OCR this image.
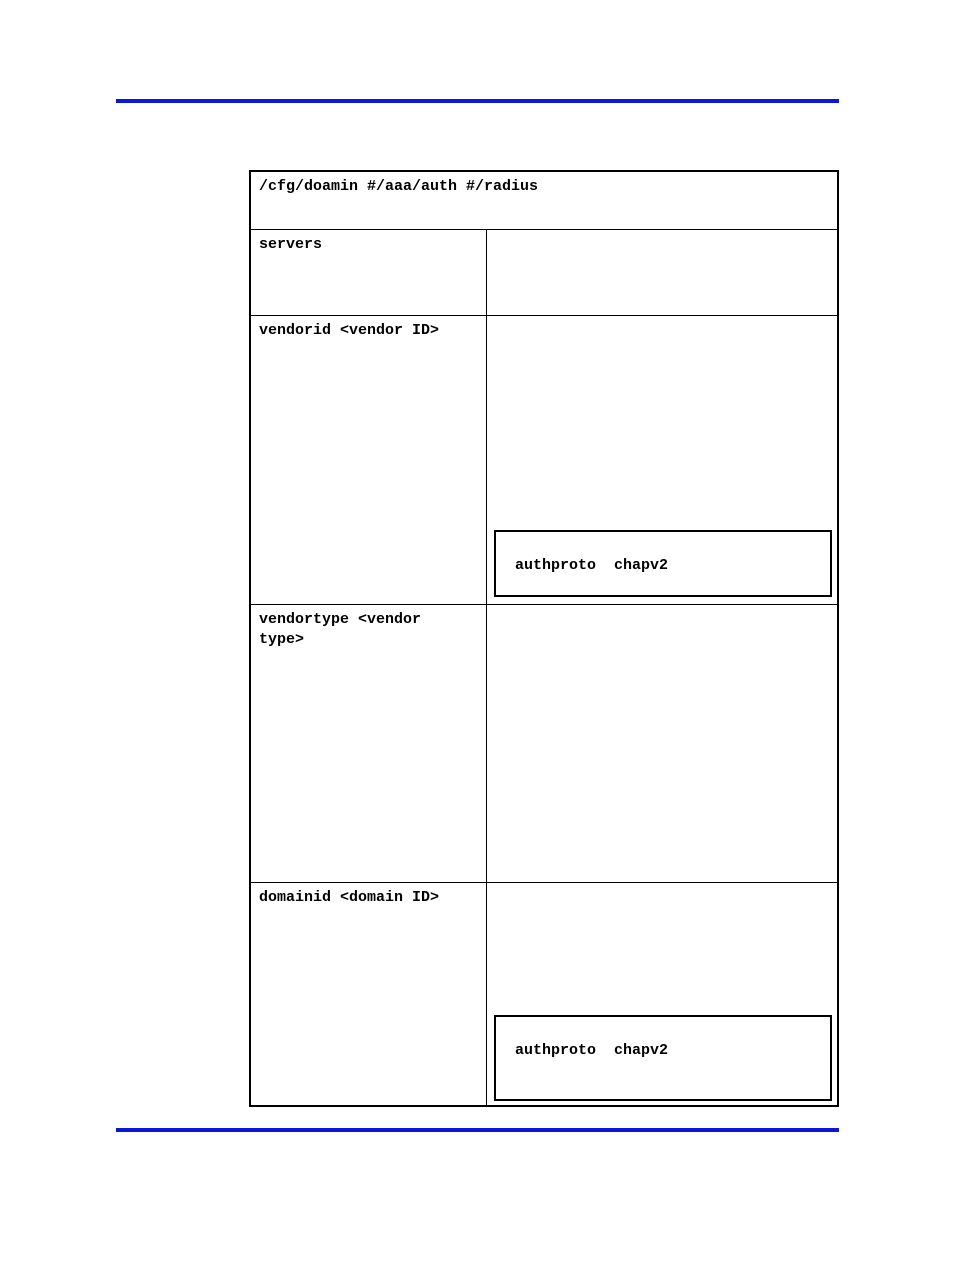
/cfg/doamin #/aaa/auth #/radius
servers
vendorid <vendor ID>
authproto  chapv2
vendortype <vendor type>
domainid <domain ID>
authproto  chapv2
